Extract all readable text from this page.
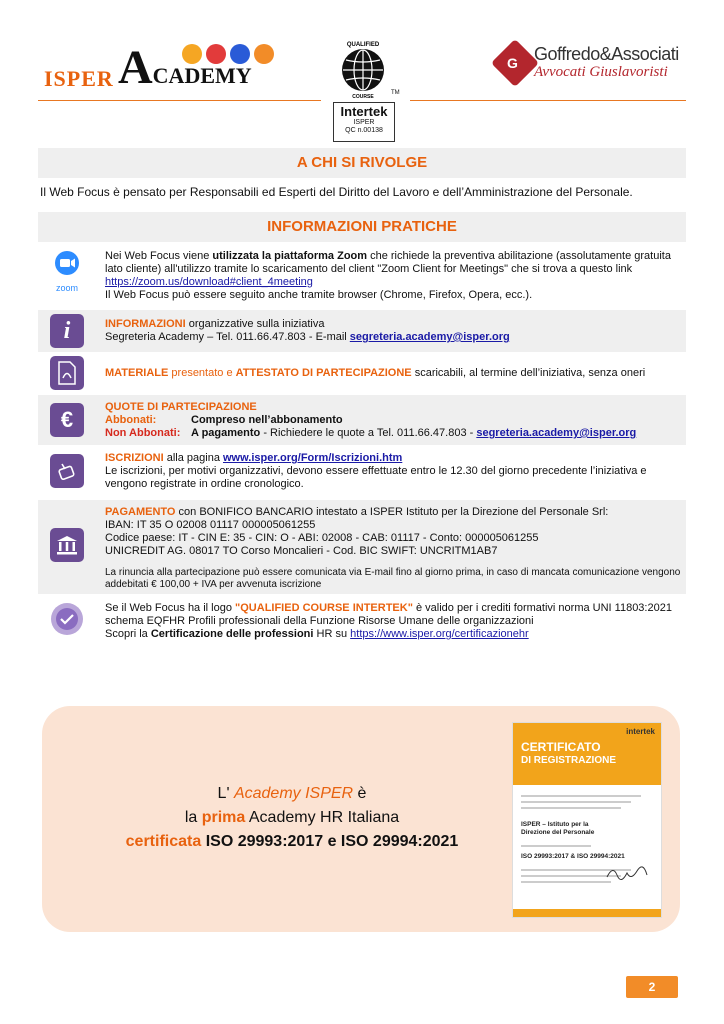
ISPER ACADEMY
QUALIFIED
COURSE
TM
Intertek
ISPER
QC n.00138
G Goffredo&Associati
Avvocati Giuslavoristi
A CHI SI RIVOLGE
Il Web Focus è pensato per Responsabili ed Esperti del Diritto del Lavoro e dell’Amministrazione del Personale.
INFORMAZIONI PRATICHE
zoom
Nei Web Focus viene utilizzata la piattaforma Zoom che richiede la preventiva abilitazione (assolutamente gratuita lato cliente) all'utilizzo tramite lo scaricamento del client "Zoom Client for Meetings" che si trova a questo link
https://zoom.us/download#client_4meeting
Il Web Focus può essere seguito anche tramite browser (Chrome, Firefox, Opera, ecc.).
i	INFORMAZIONI organizzative sulla iniziativa
Segreteria Academy – Tel. 011.66.47.803 - E-mail segreteria.academy@isper.org
MATERIALE presentato e ATTESTATO DI PARTECIPAZIONE scaricabili, al termine dell’iniziativa, senza oneri
€	QUOTE DI PARTECIPAZIONE
Abbonati:	Compreso nell’abbonamento
Non Abbonati: A pagamento - Richiedere le quote a Tel. 011.66.47.803 - segreteria.academy@isper.org
ISCRIZIONI alla pagina www.isper.org/Form/Iscrizioni.htm
Le iscrizioni, per motivi organizzativi, devono essere effettuate entro le 12.30 del giorno precedente l’iniziativa e vengono registrate in ordine cronologico.
PAGAMENTO con BONIFICO BANCARIO intestato a ISPER Istituto per la Direzione del Personale Srl:
IBAN: IT 35 O 02008 01117 000005061255
Codice paese: IT - CIN E: 35 - CIN: O - ABI: 02008 - CAB: 01117 - Conto: 000005061255
UNICREDIT AG. 08017 TO Corso Moncalieri - Cod. BIC SWIFT: UNCRITM1AB7
La rinuncia alla partecipazione può essere comunicata via E-mail fino al giorno prima, in caso di mancata comunicazione vengono addebitati € 100,00 + IVA per avvenuta iscrizione
Se il Web Focus ha il logo "QUALIFIED COURSE INTERTEK" è valido per i crediti formativi norma UNI 11803:2021
schema EQFHR Profili professionali della Funzione Risorse Umane delle organizzazioni
Scopri la Certificazione delle professioni HR su https://www.isper.org/certificazionehr
L' Academy ISPER è
la prima Academy HR Italiana
certificata ISO 29993:2017 e ISO 29994:2021
intertek
CERTIFICATO
DI REGISTRAZIONE
ISPER – Istituto per la
Direzione del Personale
ISO 29993:2017 & ISO 29994:2021
2
